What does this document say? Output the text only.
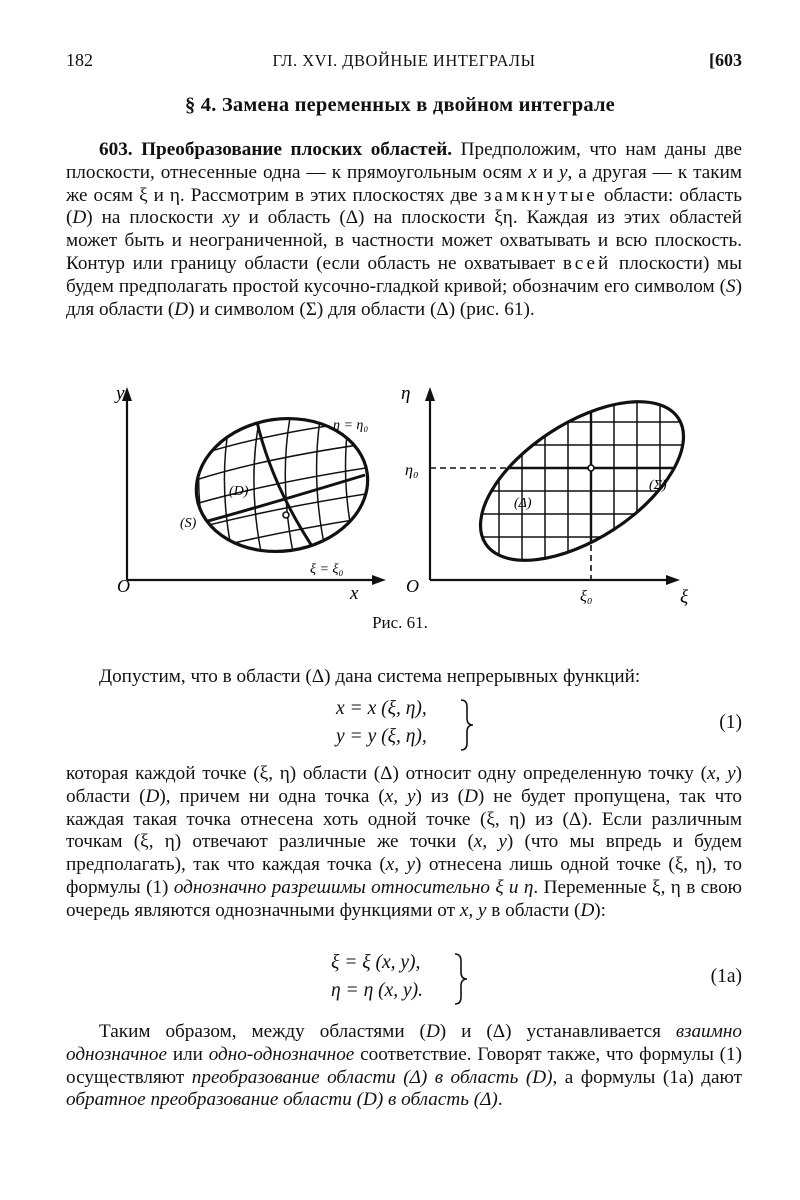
182	ГЛ. XVI. ДВОЙНЫЕ ИНТЕГРАЛЫ	[603
§ 4. Замена переменных в двойном интеграле
603. Преобразование плоских областей. Предположим, что нам даны две плоскости, отнесенные одна — к прямоугольным осям x и y, а другая — к таким же осям ξ и η. Рассмотрим в этих плоскостях две замкнутые области: область (D) на плоскости xy и область (Δ) на плоскости ξη. Каждая из этих областей может быть и неограниченной, в частности может охватывать и всю плоскость. Контур или границу области (если область не охватывает всей плоскости) мы будем предполагать простой кусочно-гладкой кривой; обозначим его символом (S) для области (D) и символом (Σ) для области (Δ) (рис. 61).
y
x
O
(D)
(S)
η = η₀
ξ = ξ₀
η
ξ
O
η₀
ξ₀
(Δ)
(Σ)
Рис. 61.
Допустим, что в области (Δ) дана система непрерывных функций:
x = x (ξ, η),
y = y (ξ, η),
(1)
которая каждой точке (ξ, η) области (Δ) относит одну определенную точку (x, y) области (D), причем ни одна точка (x, y) из (D) не будет пропущена, так что каждая такая точка отнесена хоть одной точке (ξ, η) из (Δ). Если различным точкам (ξ, η) отвечают различные же точки (x, y) (что мы впредь и будем предполагать), так что каждая точка (x, y) отнесена лишь одной точке (ξ, η), то формулы (1) однозначно разрешимы относительно ξ и η. Переменные ξ, η в свою очередь являются однозначными функциями от x, y в области (D):
ξ = ξ (x, y),
η = η (x, y).
(1а)
Таким образом, между областями (D) и (Δ) устанавливается взаимно однозначное или одно-однозначное соответствие. Говорят также, что формулы (1) осуществляют преобразование области (Δ) в область (D), а формулы (1а) дают обратное преобразование области (D) в область (Δ).
